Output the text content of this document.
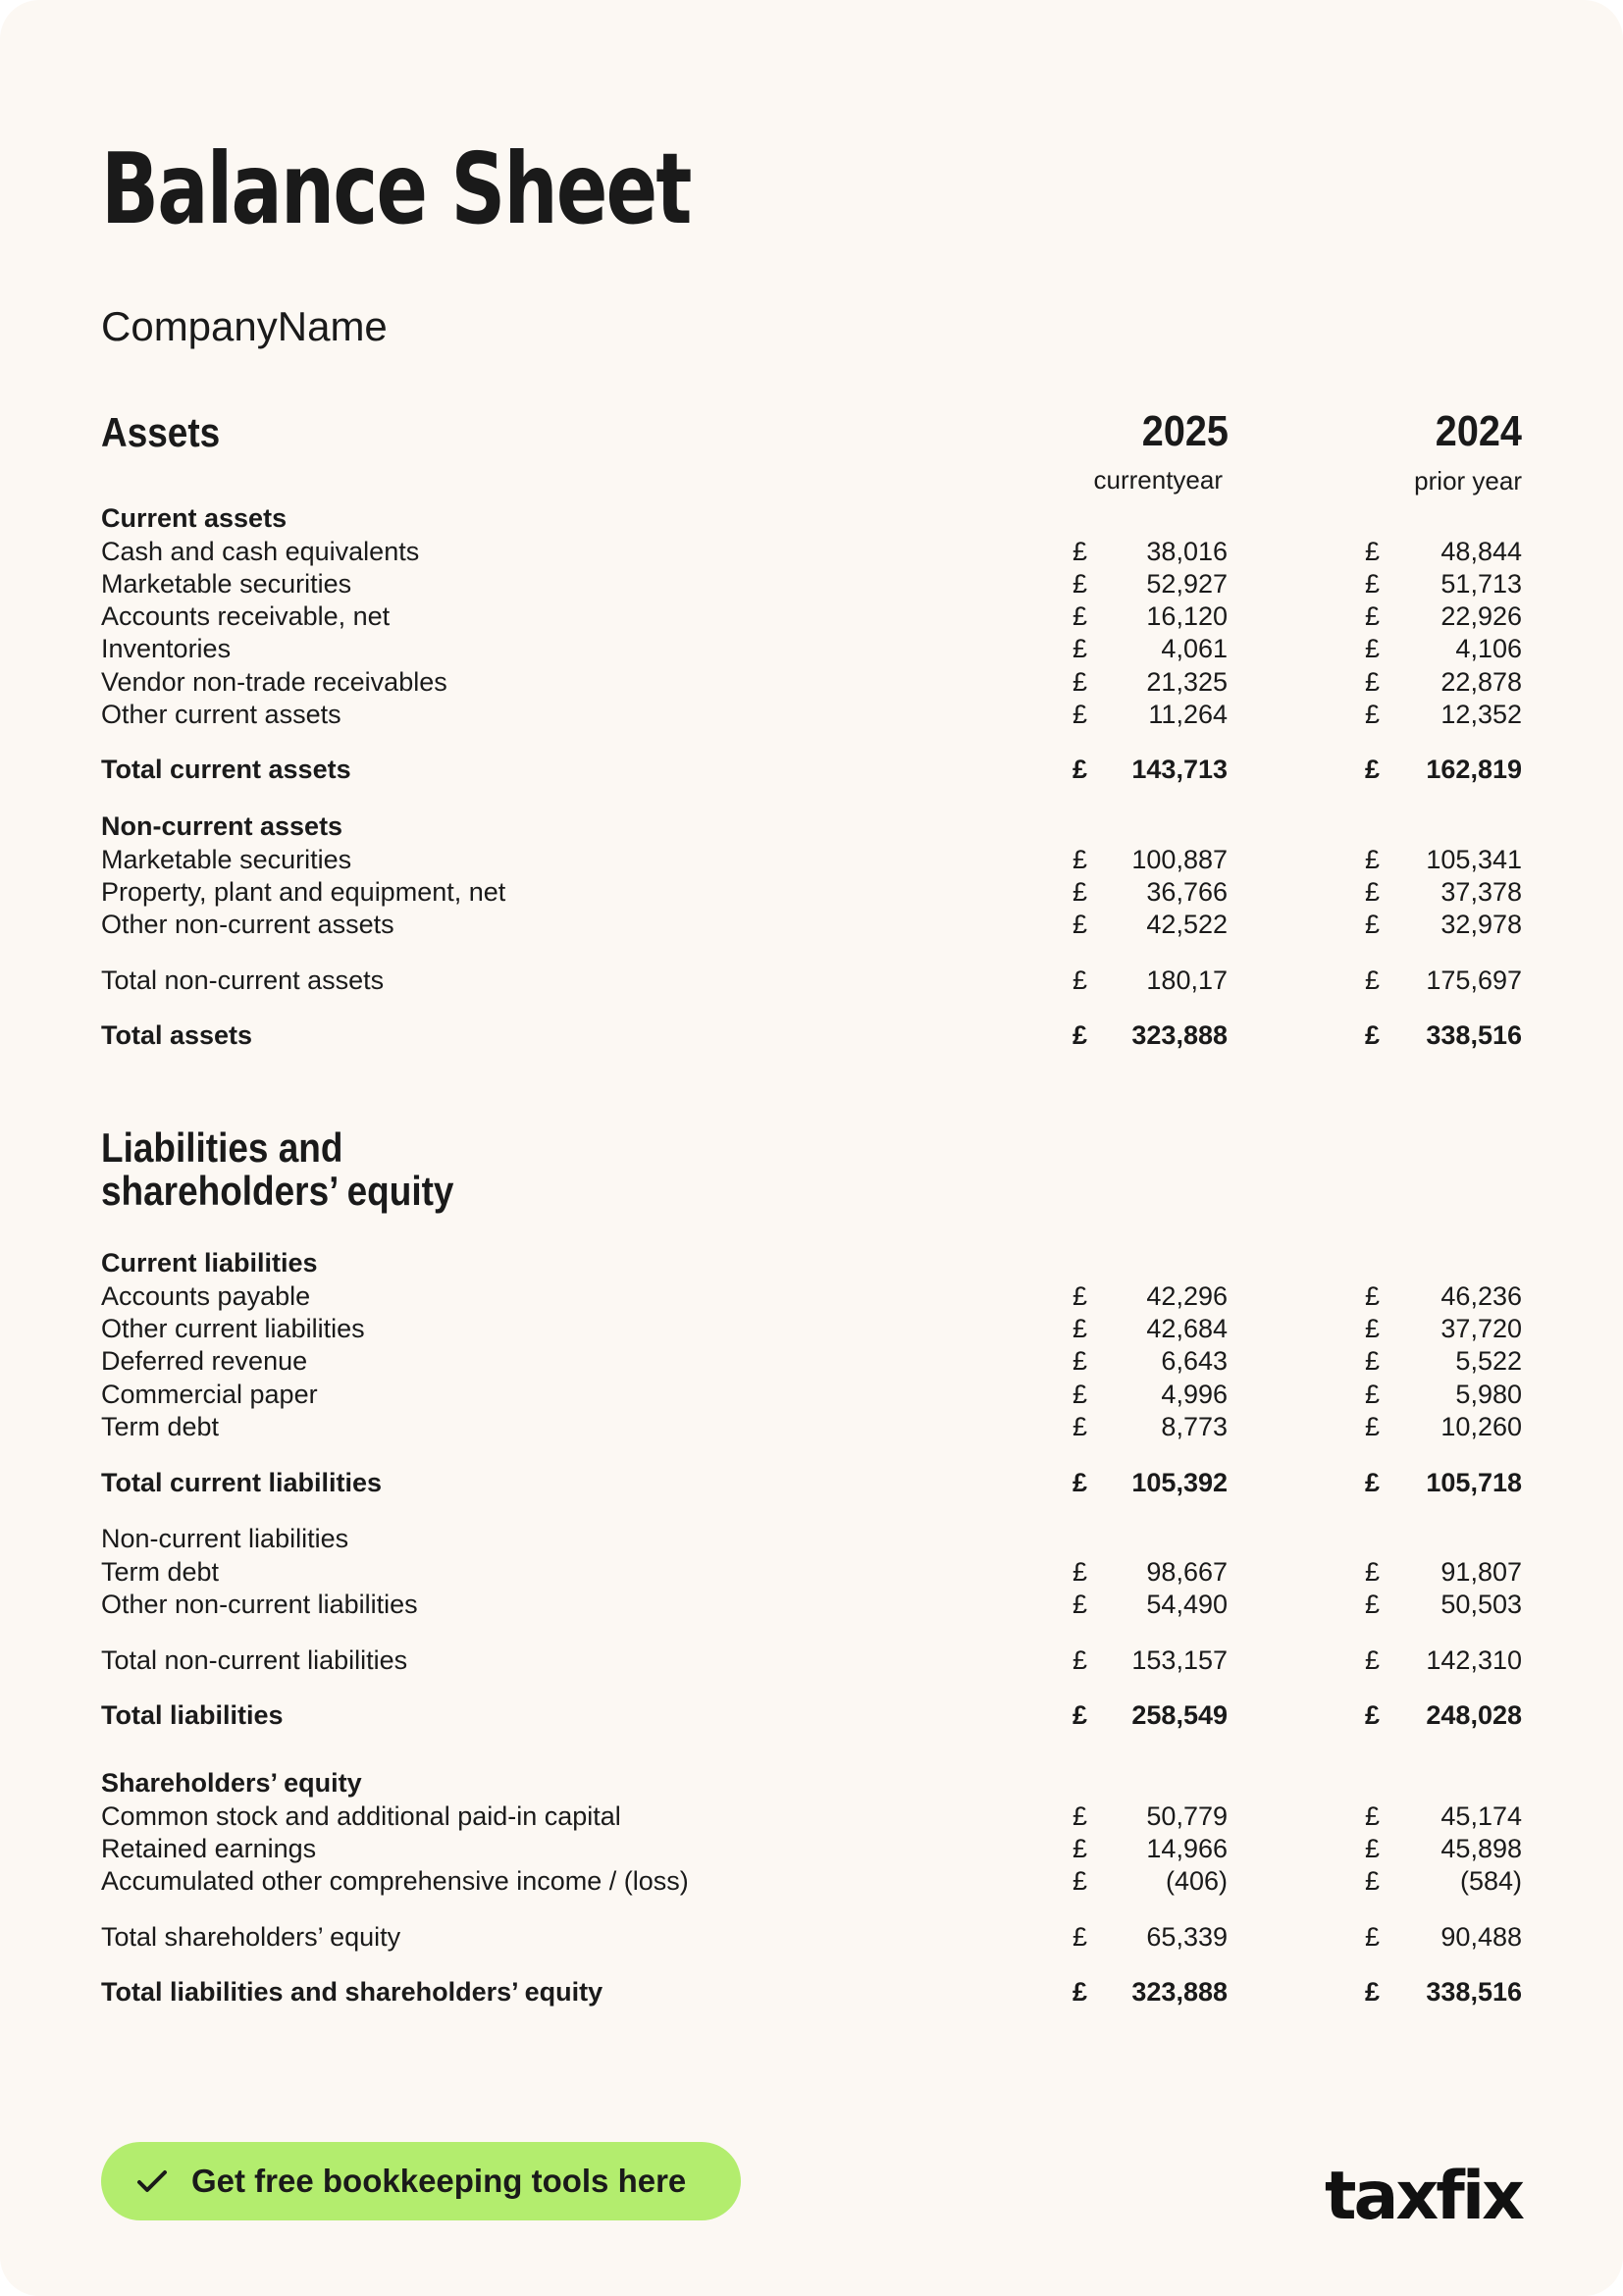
Balance Sheet
CompanyName
Assets	2025	2024
currentyear	prior year
Current assets
Non-current assets
Liabilities and
shareholders’ equity
Current liabilities
Non-current liabilities
Shareholders’ equity
Cash and cash equivalents	£ 38,016	£ 48,844
Marketable securities	£ 52,927	£ 51,713
Accounts receivable, net	£ 16,120	£ 22,926
Inventories	£	4,061	£	4,106
Vendor non-trade receivables	£ 21,325	£ 22,878
Other current assets	£ 11,264	£ 12,352
Total current assets	£ 143,713	£ 162,819
Marketable securities	£ 100,887	£ 105,341
Property, plant and equipment, net	£ 36,766	£ 37,378
Other non-current assets	£ 42,522	£ 32,978
Total non-current assets	£ 180,17	£ 175,697
Total assets	£ 323,888	£ 338,516
Accounts payable	£ 42,296	£ 46,236
Other current liabilities	£ 42,684	£ 37,720
Deferred revenue	£	6,643	£	5,522
Commercial paper	£	4,996	£	5,980
Term debt	£	8,773	£ 10,260
Total current liabilities	£ 105,392	£ 105,718
Term debt	£ 98,667	£ 91,807
Other non-current liabilities	£ 54,490	£ 50,503
Total non-current liabilities	£ 153,157	£ 142,310
Total liabilities	£ 258,549	£ 248,028
Common stock and additional paid-in capital	£ 50,779	£ 45,174
Retained earnings	£ 14,966	£ 45,898
Accumulated other comprehensive income / (loss)	£	(406)	£	(584)
Total shareholders’ equity	£ 65,339	£ 90,488
Total liabilities and shareholders’ equity	£ 323,888	£ 338,516
Get free bookkeeping tools here	taxfix
